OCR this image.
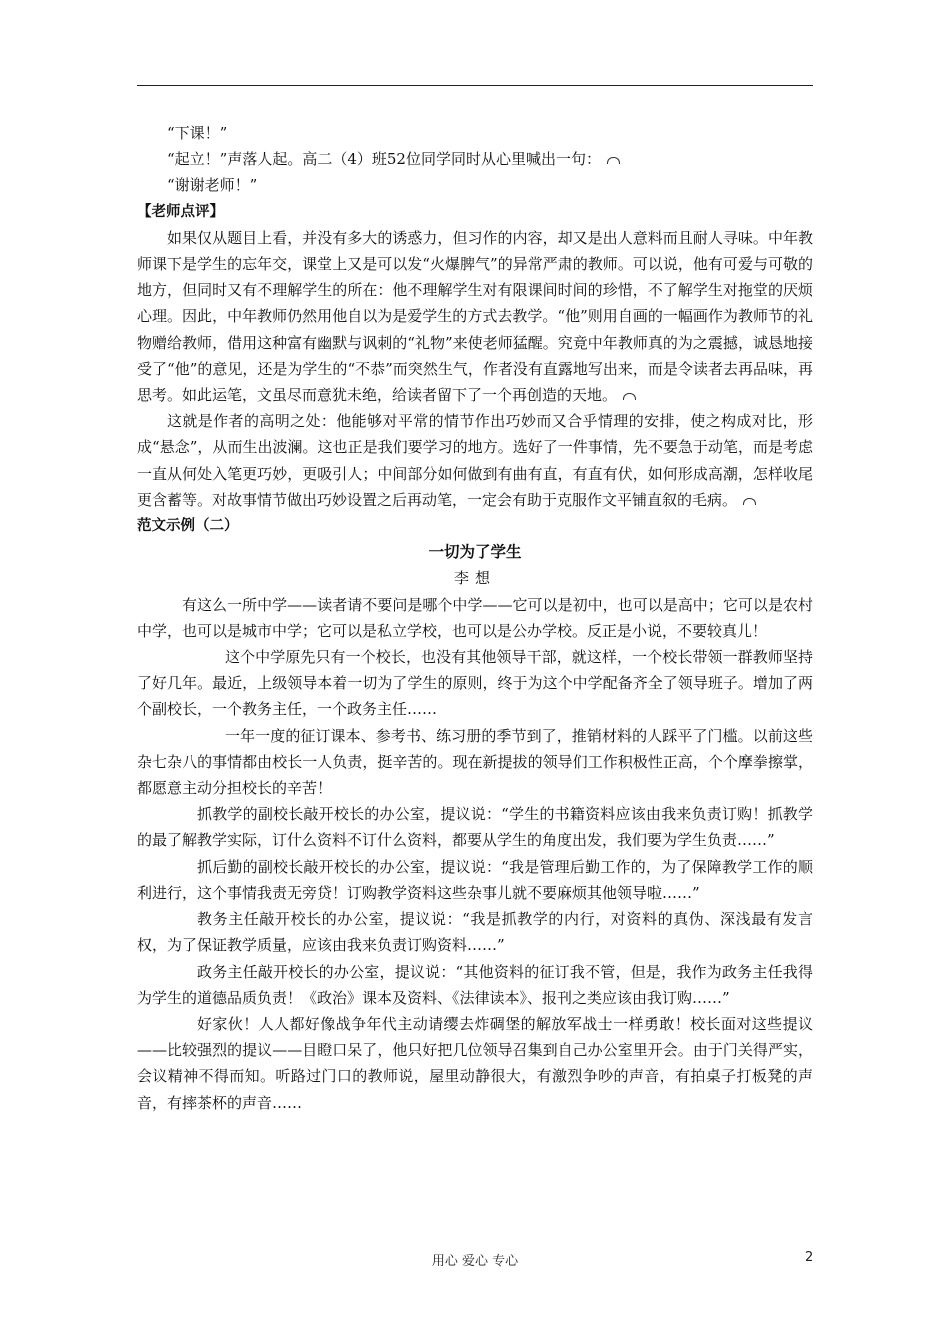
“下课！”

“起立！”声落人起。高二（4）班52位同学同时从心里喊出一句：

“谢谢老师！”

【老师点评】

如果仅从题目上看，并没有多大的诱惑力，但习作的内容，却又是出人意料而且耐人寻味。中年教师课下是学生的忘年交，课堂上又是可以发“火爆脾气”的异常严肃的教师。可以说，他有可爱与可敬的地方，但同时又有不理解学生的所在：他不理解学生对有限课间时间的珍惜，不了解学生对拖堂的厌烦心理。因此，中年教师仍然用他自以为是爱学生的方式去教学。“他”则用自画的一幅画作为教师节的礼物赠给教师，借用这种富有幽默与讽刺的“礼物”来使老师猛醒。究竟中年教师真的为之震撼，诚恳地接受了“他”的意见，还是为学生的“不恭”而突然生气，作者没有直露地写出来，而是令读者去再品味，再思考。如此运笔，文虽尽而意犹未绝，给读者留下了一个再创造的天地。

这就是作者的高明之处：他能够对平常的情节作出巧妙而又合乎情理的安排，使之构成对比，形成“悬念”，从而生出波澜。这也正是我们要学习的地方。选好了一件事情，先不要急于动笔，而是考虑一直从何处入笔更巧妙，更吸引人；中间部分如何做到有曲有直，有直有伏，如何形成高潮，怎样收尾更含蓄等。对故事情节做出巧妙设置之后再动笔，一定会有助于克服作文平铺直叙的毛病。

范文示例（二）

一切为了学生

李想

有这么一所中学——读者请不要问是哪个中学——它可以是初中，也可以是高中；它可以是农村中学，也可以是城市中学；它可以是私立学校，也可以是公办学校。反正是小说，不要较真儿！

这个中学原先只有一个校长，也没有其他领导干部，就这样，一个校长带领一群教师坚持了好几年。最近，上级领导本着一切为了学生的原则，终于为这个中学配备齐全了领导班子。增加了两个副校长，一个教务主任，一个政务主任……

一年一度的征订课本、参考书、练习册的季节到了，推销材料的人踩平了门槛。以前这些杂七杂八的事情都由校长一人负责，挺辛苦的。现在新提拔的领导们工作积极性正高，个个摩拳擦掌，都愿意主动分担校长的辛苦！

抓教学的副校长敲开校长的办公室，提议说：“学生的书籍资料应该由我来负责订购！抓教学的最了解教学实际，订什么资料不订什么资料，都要从学生的角度出发，我们要为学生负责……”

抓后勤的副校长敲开校长的办公室，提议说：“我是管理后勤工作的，为了保障教学工作的顺利进行，这个事情我责无旁贷！订购教学资料这些杂事儿就不要麻烦其他领导啦……”

教务主任敲开校长的办公室，提议说：“我是抓教学的内行，对资料的真伪、深浅最有发言权，为了保证教学质量，应该由我来负责订购资料……”

政务主任敲开校长的办公室，提议说：“其他资料的征订我不管，但是，我作为政务主任我得为学生的道德品质负责！《政治》课本及资料、《法律读本》、报刊之类应该由我订购……”

好家伙！人人都好像战争年代主动请缨去炸碉堡的解放军战士一样勇敢！校长面对这些提议——比较强烈的提议——目瞪口呆了，他只好把几位领导召集到自己办公室里开会。由于门关得严实，会议精神不得而知。听路过门口的教师说，屋里动静很大，有激烈争吵的声音，有拍桌子打板凳的声音，有摔茶杯的声音……

用心 爱心 专心	2
